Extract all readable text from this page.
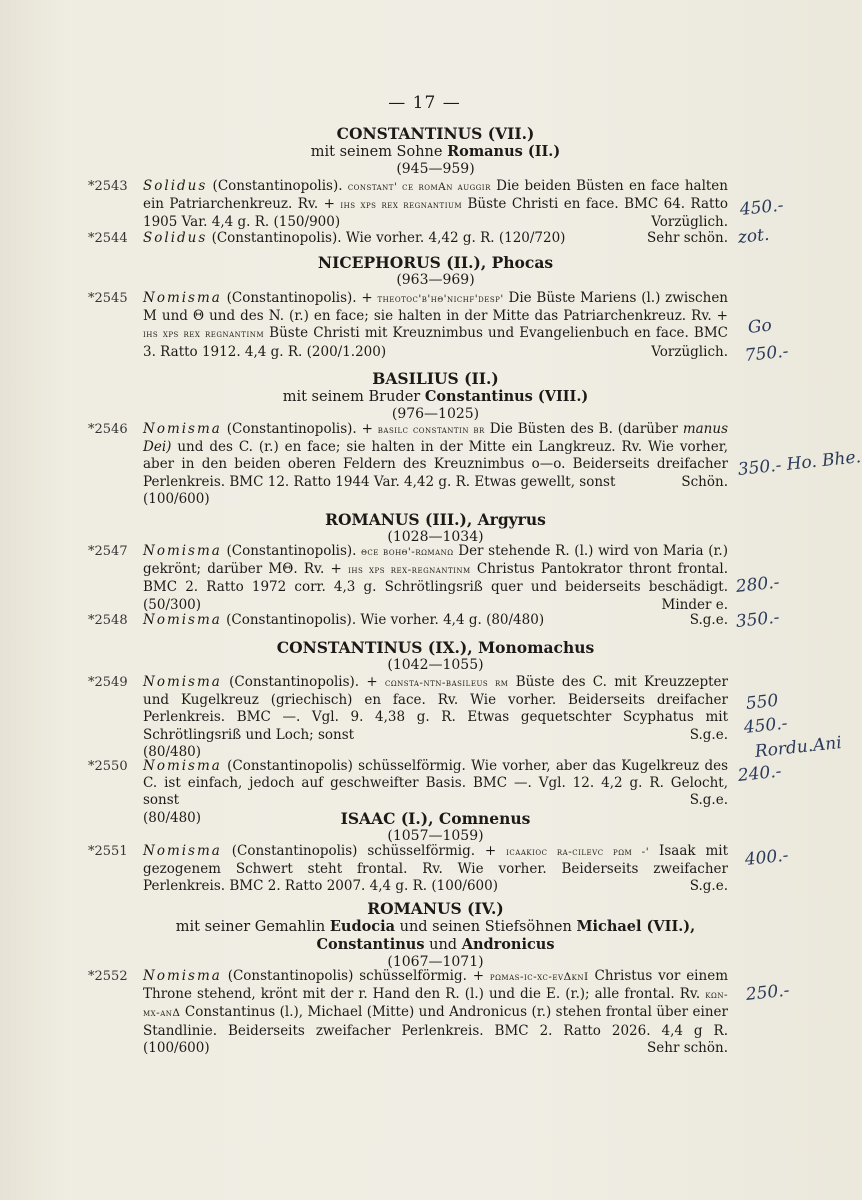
— 17 —
CONSTANTINUS (VII.)
mit seinem Sohne Romanus (II.)
(945—959)
*2543	Solidus (Constantinopolis). constant' ce romAn auggir Die beiden Büsten en face halten ein Patriarchenkreuz. Rv. + ihs xps rex regnantium Büste Christi en face. BMC 64. Ratto 1905 Var. 4,4 g. R. (150/900)	Vorzüglich.
*2544	Solidus (Constantinopolis). Wie vorher. 4,42 g. R. (120/720)	Sehr schön.
NICEPHORUS (II.), Phocas
(963—969)
*2545	Nomisma (Constantinopolis). + theotoc'b'hθ'nichf'desp' Die Büste Mariens (l.) zwischen M und Θ und des N. (r.) en face; sie halten in der Mitte das Patriarchenkreuz. Rv. + ihs xps rex regnantinm Büste Christi mit Kreuznimbus und Evangelienbuch en face. BMC 3. Ratto 1912. 4,4 g. R. (200/1.200)	Vorzüglich.
BASILIUS (II.)
mit seinem Bruder Constantinus (VIII.)
(976—1025)
*2546	Nomisma (Constantinopolis). + basilc constantin br Die Büsten des B. (darüber manus Dei) und des C. (r.) en face; sie halten in der Mitte ein Langkreuz. Rv. Wie vorher, aber in den beiden oberen Feldern des Kreuznimbus o—o. Beiderseits dreifacher Perlenkreis. BMC 12. Ratto 1944 Var. 4,42 g. R. Etwas gewellt, sonst	Schön.

(100/600)
ROMANUS (III.), Argyrus
(1028—1034)
*2547	Nomisma (Constantinopolis). θce bohθ'-rωmanω Der stehende R. (l.) wird von Maria (r.) gekrönt; darüber MΘ. Rv. + ihs xps rex-regnantinm Christus Pantokrator thront frontal. BMC 2. Ratto 1972 corr. 4,3 g. Schrötlingsriß quer und beiderseits beschädigt. (50/300)	Minder e.
*2548	Nomisma (Constantinopolis). Wie vorher. 4,4 g. (80/480)	S.g.e.
CONSTANTINUS (IX.), Monomachus
(1042—1055)
*2549	Nomisma (Constantinopolis). + cωnsta-ntn-basileus rm Büste des C. mit Kreuzzepter und Kugelkreuz (griechisch) en face. Rv. Wie vorher. Beiderseits dreifacher Perlenkreis. BMC —. Vgl. 9. 4,38 g. R. Etwas gequetschter Scyphatus mit Schrötlingsriß und Loch; sonst	S.g.e.

(80/480)
*2550	Nomisma (Constantinopolis) schüsselförmig. Wie vorher, aber das Kugelkreuz des C. ist einfach, jedoch auf geschweifter Basis. BMC —. Vgl. 12. 4,2 g. R. Gelocht, sonst	S.g.e.

(80/480)	ISAAC (I.), Comnenus
(1057—1059)
*2551	Nomisma (Constantinopolis) schüsselförmig. + icaakioc ra-cilevc pωm -' Isaak mit gezogenem Schwert steht frontal. Rv. Wie vorher. Beiderseits zweifacher Perlenkreis. BMC 2. Ratto 2007. 4,4 g. R. (100/600)	S.g.e.
ROMANUS (IV.)
mit seiner Gemahlin Eudocia und seinen Stiefsöhnen Michael (VII.),
Constantinus und Andronicus
(1067—1071)
*2552	Nomisma (Constantinopolis) schüsselförmig. + pωmas-ic-xc-evΔknI Christus vor einem Throne stehend, krönt mit der r. Hand den R. (l.) und die E. (r.); alle frontal. Rv. kωn-mx-anΔ Constantinus (l.), Michael (Mitte) und Andronicus (r.) stehen frontal über einer Standlinie. Beiderseits zweifacher Perlenkreis. BMC 2. Ratto 2026. 4,4 g R. (100/600)	Sehr schön.
450.-
zot.
Go
750.-
350.- Ho. Bhe.
280.-
350.-
550
450.-
Rordu.Ani
240.-
400.-
250.-
